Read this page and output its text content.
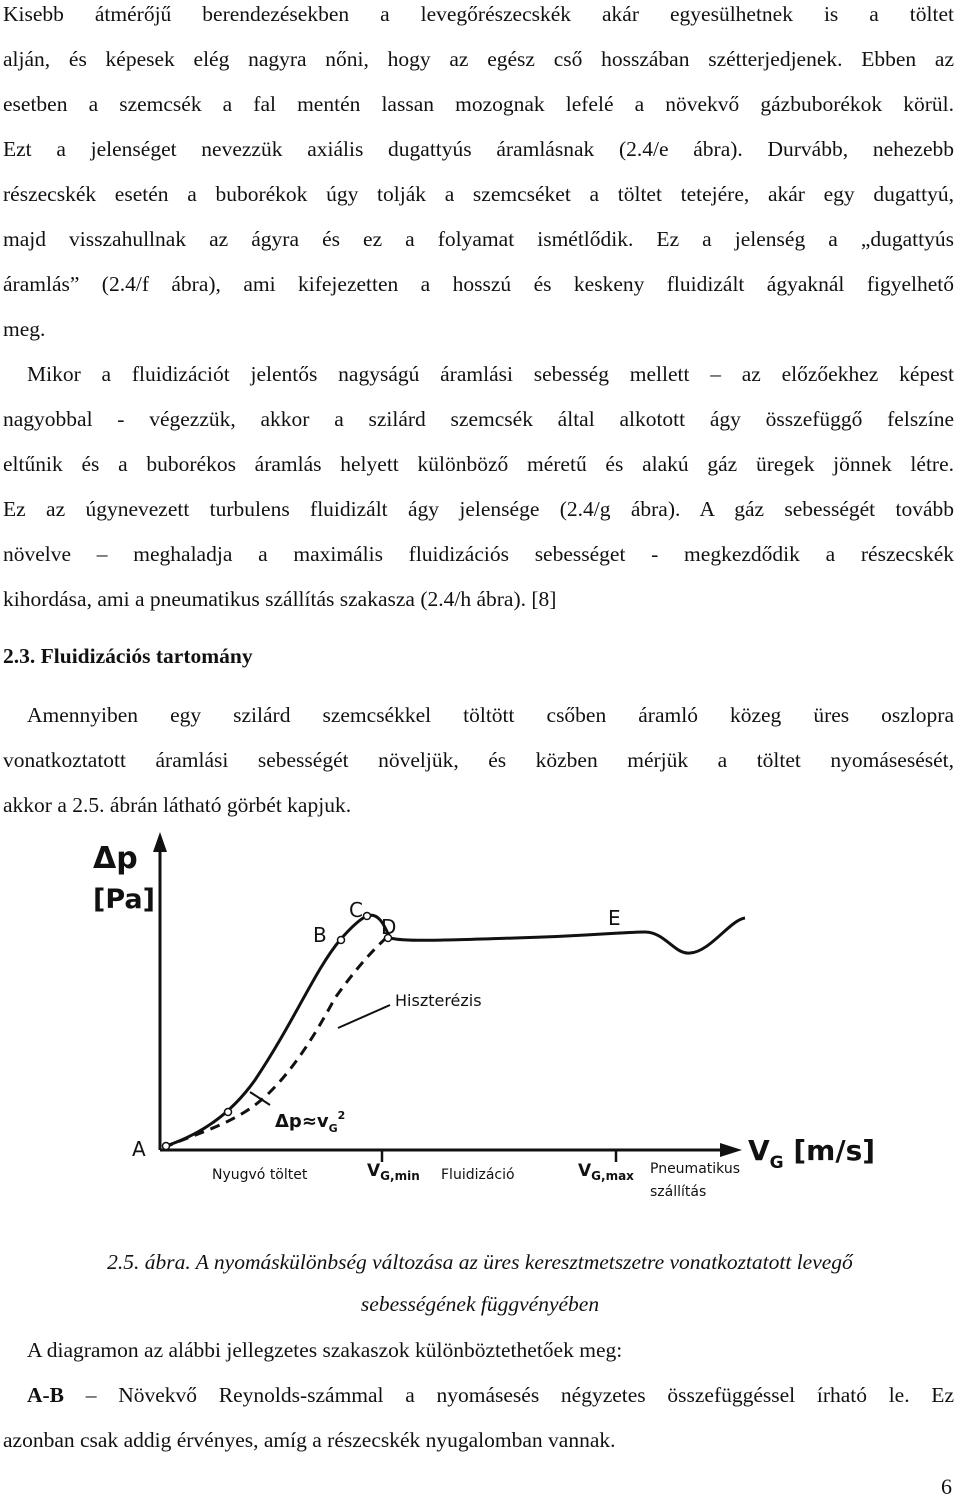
Kisebb átmérőjű berendezésekben a levegőrészecskék akár egyesülhetnek is a töltet
alján, és képesek elég nagyra nőni, hogy az egész cső hosszában szétterjedjenek. Ebben az
esetben a szemcsék a fal mentén lassan mozognak lefelé a növekvő gázbuborékok körül.
Ezt a jelenséget nevezzük axiális dugattyús áramlásnak (2.4/e ábra). Durvább, nehezebb
részecskék esetén a buborékok úgy tolják a szemcséket a töltet tetejére, akár egy dugattyú,
majd visszahullnak az ágyra és ez a folyamat ismétlődik. Ez a jelenség a „dugattyús
áramlás” (2.4/f ábra), ami kifejezetten a hosszú és keskeny fluidizált ágyaknál figyelhető
meg.
Mikor a fluidizációt jelentős nagyságú áramlási sebesség mellett – az előzőekhez képest
nagyobbal - végezzük, akkor a szilárd szemcsék által alkotott ágy összefüggő felszíne
eltűnik és a buborékos áramlás helyett különböző méretű és alakú gáz üregek jönnek létre.
Ez az úgynevezett turbulens fluidizált ágy jelensége (2.4/g ábra). A gáz sebességét tovább
növelve – meghaladja a maximális fluidizációs sebességet - megkezdődik a részecskék
kihordása, ami a pneumatikus szállítás szakasza (2.4/h ábra). [8]
2.3. Fluidizációs tartomány
Amennyiben egy szilárd szemcsékkel töltött csőben áramló közeg üres oszlopra
vonatkoztatott áramlási sebességét növeljük, és közben mérjük a töltet nyomásesését,
akkor a 2.5. ábrán látható görbét kapjuk.
Δp
[Pa]
$V_G$ [m/s]
A
B
C
D	E
Hiszterézis
$\Delta p\approx v_G^2$
$V_{G,min}$	$V_{G,max}$
Nyugvó töltet	Fluidizáció	Pneumatikus
szállítás
2.5. ábra. A nyomáskülönbség változása az üres keresztmetszetre vonatkoztatott levegő
sebességének függvényében
A diagramon az alábbi jellegzetes szakaszok különböztethetőek meg:
A-B – Növekvő Reynolds-számmal a nyomásesés négyzetes összefüggéssel írható le. Ez
azonban csak addig érvényes, amíg a részecskék nyugalomban vannak.
6
